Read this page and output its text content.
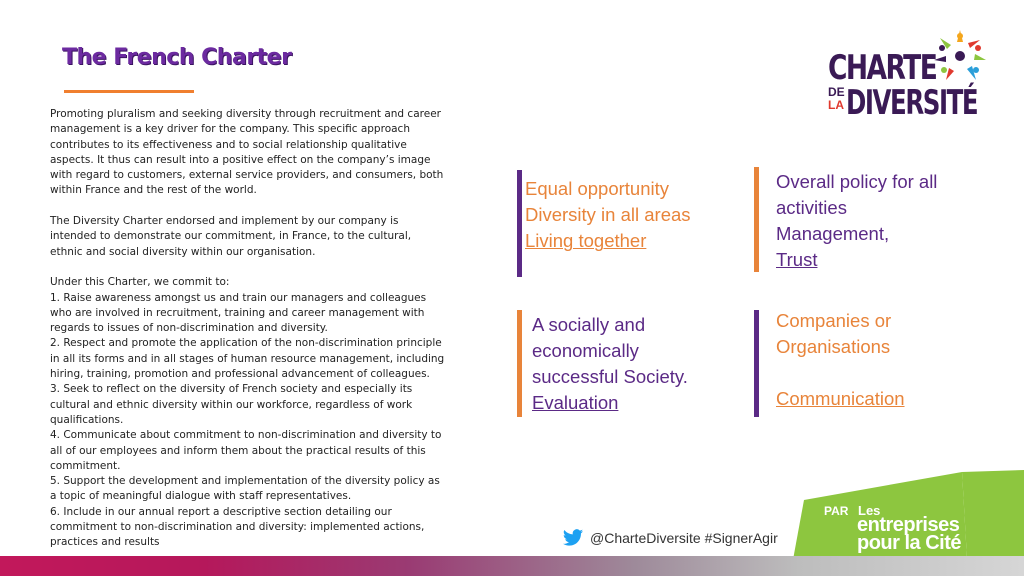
The French Charter

Promoting pluralism and seeking diversity through recruitment and career management is a key driver for the company. This specific approach contributes to its effectiveness and to social relationship qualitative aspects. It thus can result into a positive effect on the company’s image with regard to customers, external service providers, and consumers, both within France and the rest of the world.

The Diversity Charter endorsed and implement by our company is intended to demonstrate our commitment, in France, to the cultural, ethnic and social diversity within our organisation.

Under this Charter, we commit to:
1. Raise awareness amongst us and train our managers and colleagues who are involved in recruitment, training and career management with regards to issues of non-discrimination and diversity.
2. Respect and promote the application of the non-discrimination principle in all its forms and in all stages of human resource management, including hiring, training, promotion and professional advancement of colleagues.
3. Seek to reflect on the diversity of French society and especially its cultural and ethnic diversity within our workforce, regardless of work qualifications.
4. Communicate about commitment to non-discrimination and diversity to all of our employees and inform them about the practical results of this commitment.
5. Support the development and implementation of the diversity policy as a topic of meaningful dialogue with staff representatives.
6. Include in our annual report a descriptive section detailing our commitment to non-discrimination and diversity: implemented actions, practices and results

CHARTE
DE
LA DIVERSITÉ
Equal opportunity
Diversity in all areas
Living together
Overall policy for all
activities
Management,
Trust
A socially and
economically
successful Society.
Evaluation
Companies or
Organisations
Communication
@CharteDiversite #SignerAgir
PAR Les
entreprises
pour la Cité
